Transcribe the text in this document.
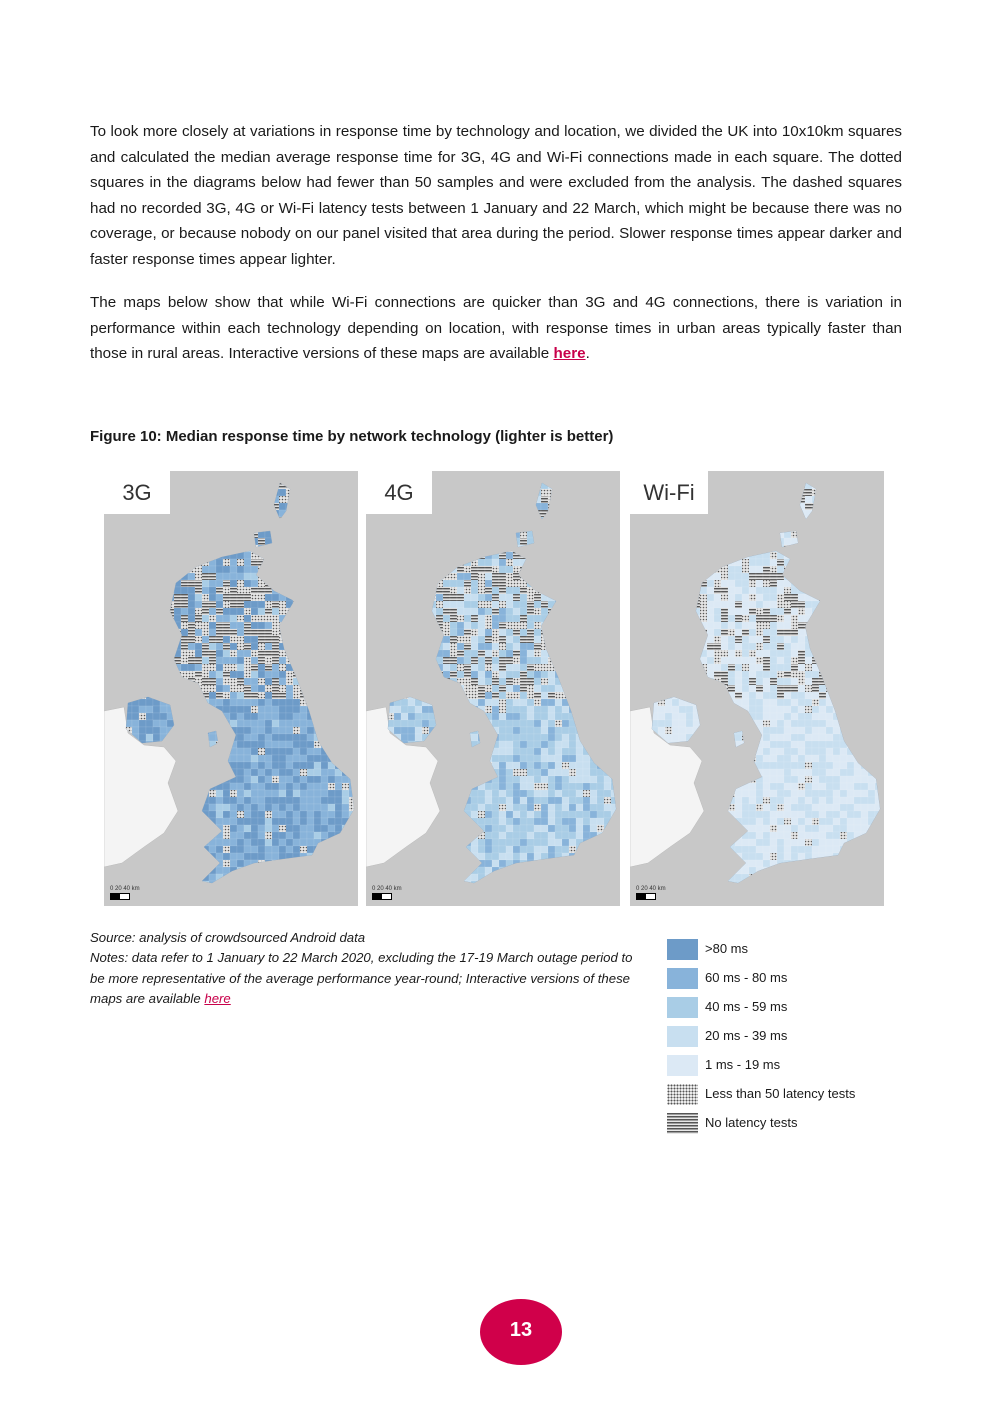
To look more closely at variations in response time by technology and location, we divided the UK into 10x10km squares and calculated the median average response time for 3G, 4G and Wi-Fi connections made in each square. The dotted squares in the diagrams below had fewer than 50 samples and were excluded from the analysis. The dashed squares had no recorded 3G, 4G or Wi-Fi latency tests between 1 January and 22 March, which might be because there was no coverage, or because nobody on our panel visited that area during the period. Slower response times appear darker and faster response times appear lighter.

The maps below show that while Wi-Fi connections are quicker than 3G and 4G connections, there is variation in performance within each technology depending on location, with response times in urban areas typically faster than those in rural areas. Interactive versions of these maps are available here.

Figure 10: Median response time by network technology (lighter is better)

3G
0 20 40 km
4G
0 20 40 km
Wi-Fi
0 20 40 km

Source: analysis of crowdsourced Android data

Notes: data refer to 1 January to 22 March 2020, excluding the 17-19 March outage period to be more representative of the average performance year-round; Interactive versions of these maps are available here

>80 ms
60 ms - 80 ms
40 ms - 59 ms
20 ms - 39 ms
1 ms - 19 ms
Less than 50 latency tests
No latency tests
13
